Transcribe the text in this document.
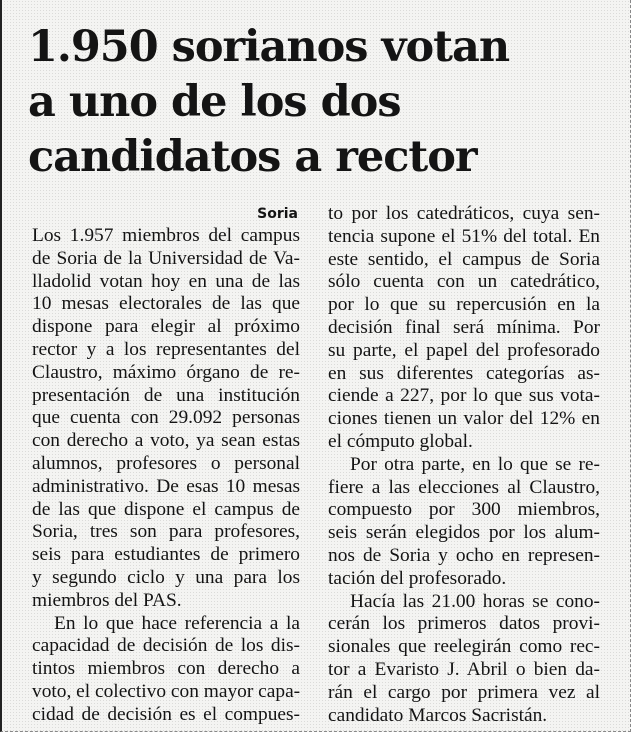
1.950 sorianos votan
a uno de los dos
candidatos a rector
Soria
Los 1.957 miembros del campus
de Soria de la Universidad de Va-
lladolid votan hoy en una de las
10 mesas electorales de las que
dispone para elegir al próximo
rector y a los representantes del
Claustro, máximo órgano de re-
presentación de una institución
que cuenta con 29.092 personas
con derecho a voto, ya sean estas
alumnos, profesores o personal
administrativo. De esas 10 mesas
de las que dispone el campus de
Soria, tres son para profesores,
seis para estudiantes de primero
y segundo ciclo y una para los
miembros del PAS.
En lo que hace referencia a la
capacidad de decisión de los dis-
tintos miembros con derecho a
voto, el colectivo con mayor capa-
cidad de decisión es el compues-
to por los catedráticos, cuya sen-
tencia supone el 51% del total. En
este sentido, el campus de Soria
sólo cuenta con un catedrático,
por lo que su repercusión en la
decisión final será mínima. Por
su parte, el papel del profesorado
en sus diferentes categorías as-
ciende a 227, por lo que sus vota-
ciones tienen un valor del 12% en
el cómputo global.
Por otra parte, en lo que se re-
fiere a las elecciones al Claustro,
compuesto por 300 miembros,
seis serán elegidos por los alum-
nos de Soria y ocho en represen-
tación del profesorado.
Hacía las 21.00 horas se cono-
cerán los primeros datos provi-
sionales que reelegirán como rec-
tor a Evaristo J. Abril o bien da-
rán el cargo por primera vez al
candidato Marcos Sacristán.
